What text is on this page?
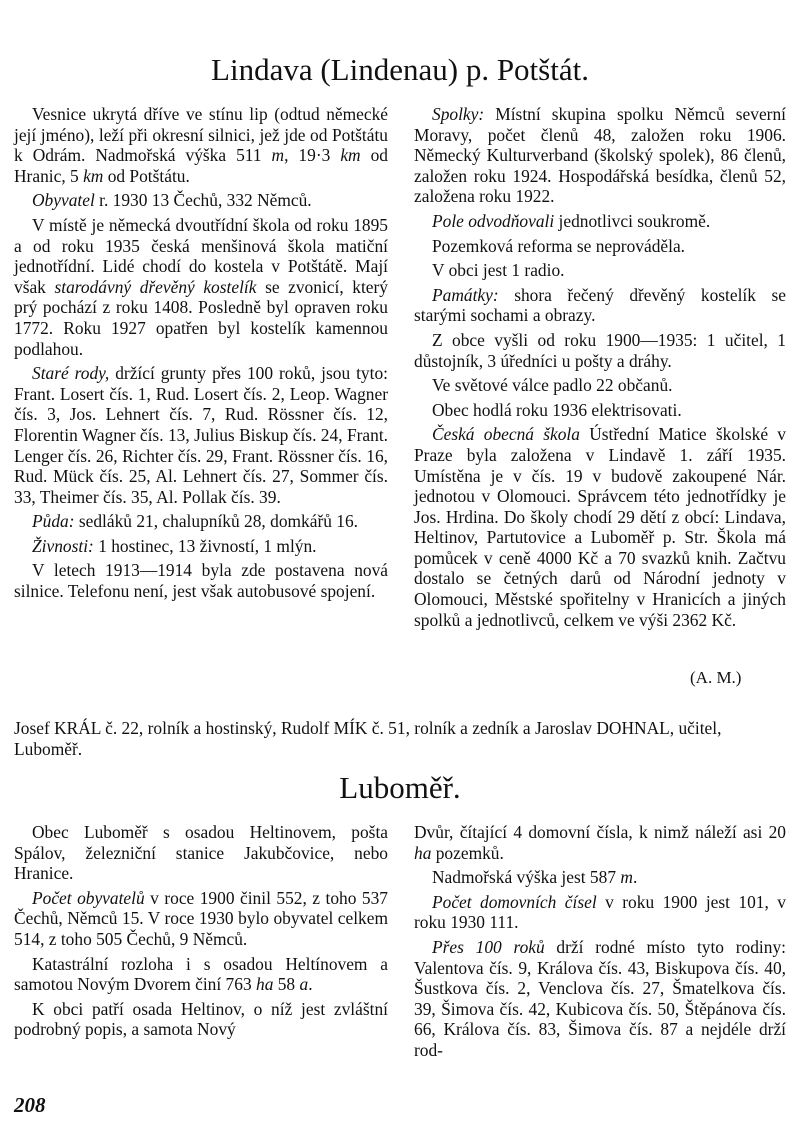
Lindava (Lindenau) p. Potštát.

Vesnice ukrytá dříve ve stínu lip (odtud německé její jméno), leží při okresní silnici, jež jde od Potštátu k Odrám. Nadmořská výška 511 m, 19·3 km od Hranic, 5 km od Potštátu.

Obyvatel r. 1930 13 Čechů, 332 Němců.

V místě je německá dvoutřídní škola od roku 1895 a od roku 1935 česká menšinová škola matiční jednotřídní. Lidé chodí do kostela v Potštátě. Mají však starodávný dřevěný kostelík se zvonicí, který prý pochází z roku 1408. Posledně byl opraven roku 1772. Roku 1927 opatřen byl kostelík kamennou podlahou.

Staré rody, držící grunty přes 100 roků, jsou tyto: Frant. Losert čís. 1, Rud. Losert čís. 2, Leop. Wagner čís. 3, Jos. Lehnert čís. 7, Rud. Rössner čís. 12, Florentin Wagner čís. 13, Julius Biskup čís. 24, Frant. Lenger čís. 26, Richter čís. 29, Frant. Rössner čís. 16, Rud. Mück čís. 25, Al. Lehnert čís. 27, Sommer čís. 33, Theimer čís. 35, Al. Pollak čís. 39.

Půda: sedláků 21, chalupníků 28, domkářů 16.

Živnosti: 1 hostinec, 13 živností, 1 mlýn.

V letech 1913—1914 byla zde postavena nová silnice. Telefonu není, jest však autobusové spojení.

Spolky: Místní skupina spolku Němců severní Moravy, počet členů 48, založen roku 1906. Německý Kulturverband (školský spolek), 86 členů, založen roku 1924. Hospodářská besídka, členů 52, založena roku 1922.

Pole odvodňovali jednotlivci soukromě.

Pozemková reforma se neprováděla.

V obci jest 1 radio.

Památky: shora řečený dřevěný kostelík se starými sochami a obrazy.

Z obce vyšli od roku 1900—1935: 1 učitel, 1 důstojník, 3 úředníci u pošty a dráhy.

Ve světové válce padlo 22 občanů.

Obec hodlá roku 1936 elektrisovati.

Česká obecná škola Ústřední Matice školské v Praze byla založena v Lindavě 1. září 1935. Umístěna je v čís. 19 v budově zakoupené Nár. jednotou v Olomouci. Správcem této jednotřídky je Jos. Hrdina. Do školy chodí 29 dětí z obcí: Lindava, Heltinov, Partutovice a Luboměř p. Str. Škola má pomůcek v ceně 4000 Kč a 70 svazků knih. Začtvu dostalo se četných darů od Národní jednoty v Olomouci, Městské spořitelny v Hranicích a jiných spolků a jednotlivců, celkem ve výši 2362 Kč.

(A. M.)
Josef KRÁL č. 22, rolník a hostinský, Rudolf MÍK č. 51, rolník a zedník a Jaroslav DOHNAL, učitel, Luboměř.
Luboměř.

Obec Luboměř s osadou Heltinovem, pošta Spálov, železniční stanice Jakubčovice, nebo Hranice.

Počet obyvatelů v roce 1900 činil 552, z toho 537 Čechů, Němců 15. V roce 1930 bylo obyvatel celkem 514, z toho 505 Čechů, 9 Němců.

Katastrální rozloha i s osadou Heltínovem a samotou Novým Dvorem činí 763 ha 58 a.

K obci patří osada Heltinov, o níž jest zvláštní podrobný popis, a samota Nový

Dvůr, čítající 4 domovní čísla, k nimž náleží asi 20 ha pozemků.

Nadmořská výška jest 587 m.

Počet domovních čísel v roku 1900 jest 101, v roku 1930 111.

Přes 100 roků drží rodné místo tyto rodiny: Valentova čís. 9, Králova čís. 43, Biskupova čís. 40, Šustkova čís. 2, Venclova čís. 27, Šmatelkova čís. 39, Šimova čís. 42, Kubicova čís. 50, Štěpánova čís. 66, Králova čís. 83, Šimova čís. 87 a nejdéle drží rod-

208
